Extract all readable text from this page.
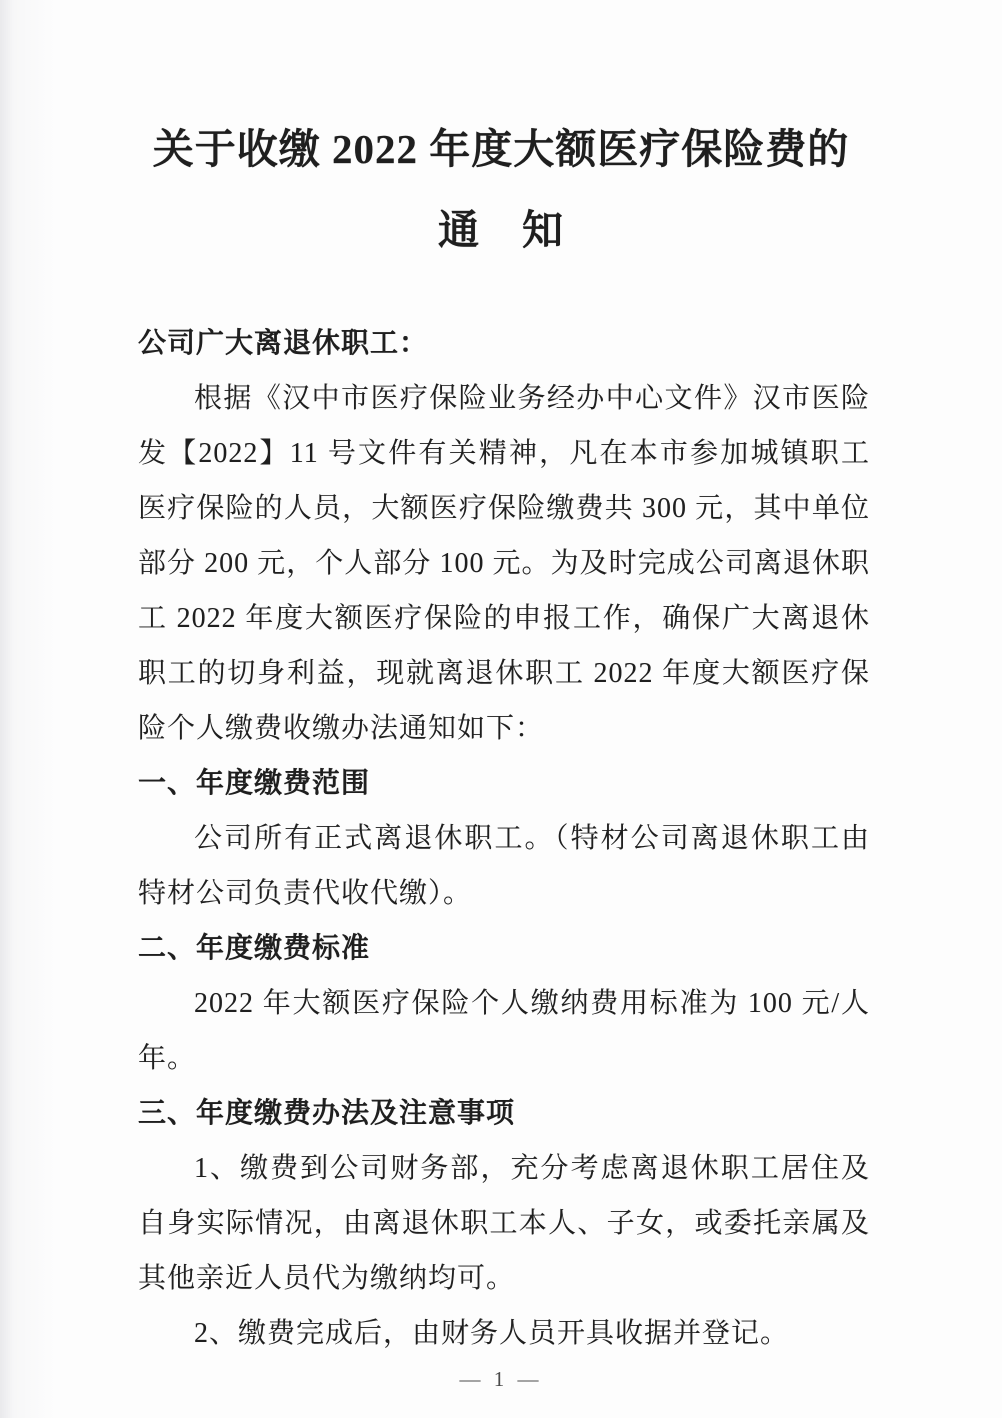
关于收缴 2022 年度大额医疗保险费的
通　知

公司广大离退休职工：

根据《汉中市医疗保险业务经办中心文件》汉市医险发【2022】11 号文件有关精神，凡在本市参加城镇职工医疗保险的人员，大额医疗保险缴费共 300 元，其中单位部分 200 元，个人部分 100 元。为及时完成公司离退休职工 2022 年度大额医疗保险的申报工作，确保广大离退休职工的切身利益，现就离退休职工 2022 年度大额医疗保险个人缴费收缴办法通知如下：

一、年度缴费范围

公司所有正式离退休职工。（特材公司离退休职工由特材公司负责代收代缴）。

二、年度缴费标准

2022 年大额医疗保险个人缴纳费用标准为 100 元/人年。

三、年度缴费办法及注意事项

1、缴费到公司财务部，充分考虑离退休职工居住及自身实际情况，由离退休职工本人、子女，或委托亲属及其他亲近人员代为缴纳均可。

2、缴费完成后，由财务人员开具收据并登记。

— 1 —
